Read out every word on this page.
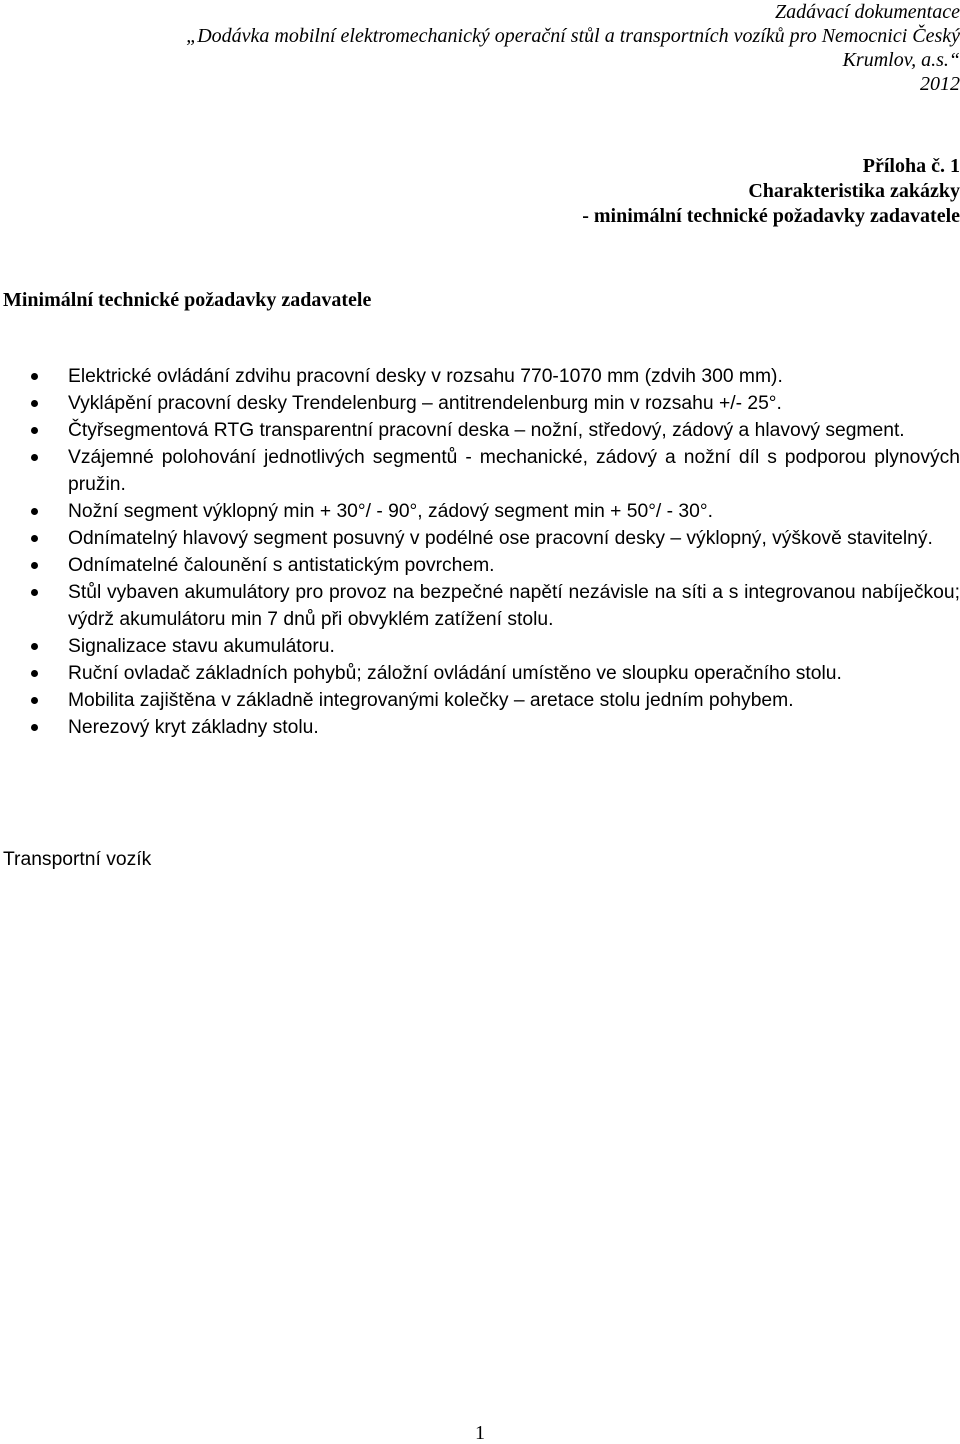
Zadávací dokumentace
„Dodávka mobilní elektromechanický operační stůl a transportních vozíků pro Nemocnici Český
Krumlov, a.s.“
2012
Příloha č. 1
Charakteristika zakázky
- minimální technické požadavky zadavatele
Minimální technické požadavky zadavatele
Elektrické ovládání zdvihu pracovní desky v rozsahu 770-1070 mm (zdvih 300 mm).
Vyklápění pracovní desky Trendelenburg – antitrendelenburg min v rozsahu +/- 25°.
Čtyřsegmentová RTG transparentní pracovní deska – nožní, středový, zádový a hlavový segment.
Vzájemné polohování jednotlivých segmentů - mechanické, zádový a nožní díl s podporou plynových pružin.
Nožní segment výklopný min + 30°/ - 90°, zádový segment min + 50°/ - 30°.
Odnímatelný hlavový segment posuvný v podélné ose pracovní desky – výklopný, výškově stavitelný.
Odnímatelné čalounění s antistatickým povrchem.
Stůl vybaven akumulátory pro provoz na bezpečné napětí nezávisle na síti a s integrovanou nabíječkou; výdrž akumulátoru min 7 dnů při obvyklém zatížení stolu.
Signalizace stavu akumulátoru.
Ruční ovladač základních pohybů; záložní ovládání umístěno ve sloupku operačního stolu.
Mobilita zajištěna v základně integrovanými kolečky – aretace stolu jedním pohybem.
Nerezový kryt základny stolu.
Transportní vozík
1
